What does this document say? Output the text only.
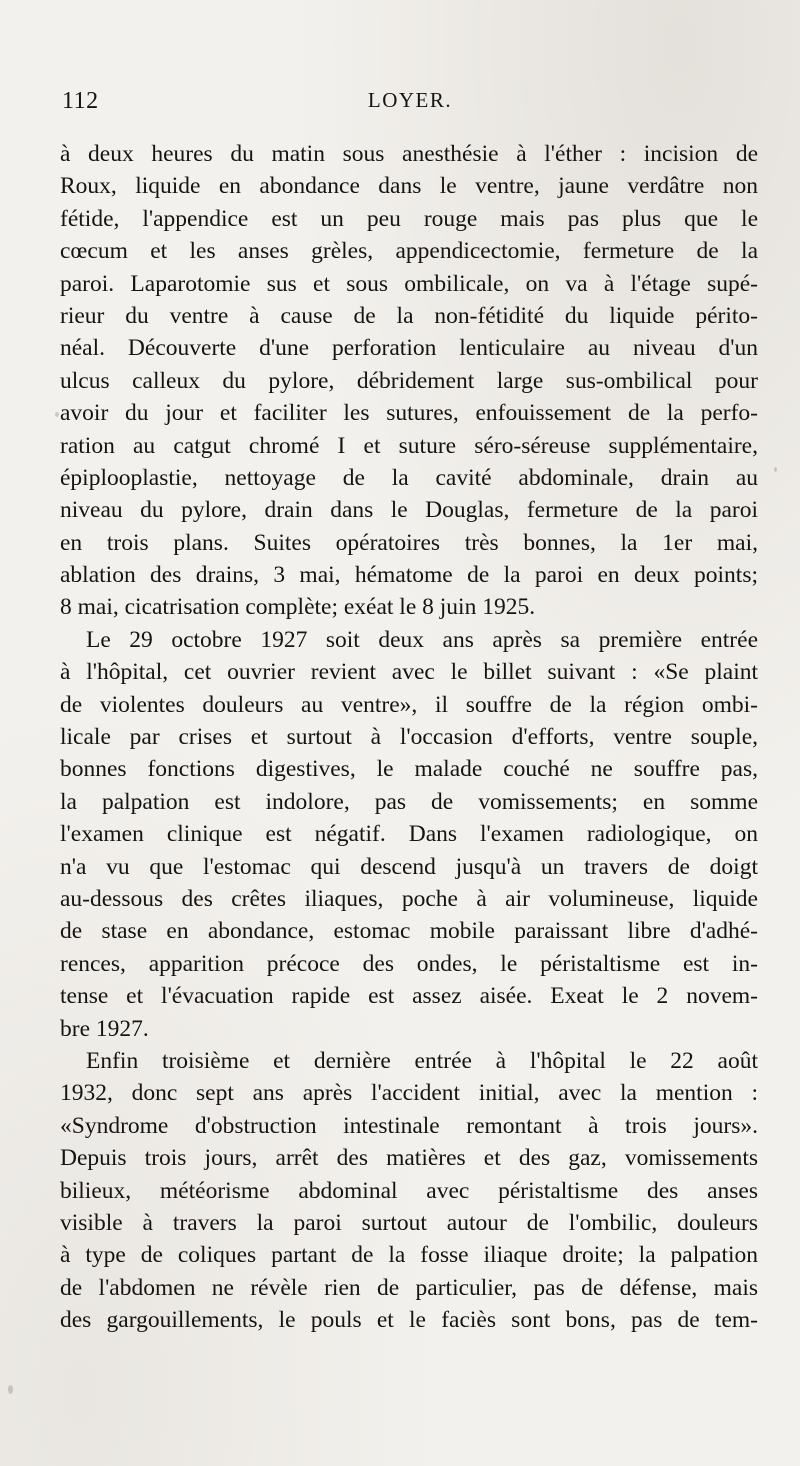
112	LOYER.
à deux heures du matin sous anesthésie à l'éther : incision de
Roux, liquide en abondance dans le ventre, jaune verdâtre non
fétide, l'appendice est un peu rouge mais pas plus que le
cœcum et les anses grèles, appendicectomie, fermeture de la
paroi. Laparotomie sus et sous ombilicale, on va à l'étage supé-
rieur du ventre à cause de la non-fétidité du liquide périto-
néal. Découverte d'une perforation lenticulaire au niveau d'un
ulcus calleux du pylore, débridement large sus-ombilical pour
avoir du jour et faciliter les sutures, enfouissement de la perfo-
ration au catgut chromé I et suture séro-séreuse supplémentaire,
épiplooplastie, nettoyage de la cavité abdominale, drain au
niveau du pylore, drain dans le Douglas, fermeture de la paroi
en trois plans. Suites opératoires très bonnes, la 1er mai,
ablation des drains, 3 mai, hématome de la paroi en deux points;
8 mai, cicatrisation complète; exéat le 8 juin 1925.
Le 29 octobre 1927 soit deux ans après sa première entrée
à l'hôpital, cet ouvrier revient avec le billet suivant : «Se plaint
de violentes douleurs au ventre», il souffre de la région ombi-
licale par crises et surtout à l'occasion d'efforts, ventre souple,
bonnes fonctions digestives, le malade couché ne souffre pas,
la palpation est indolore, pas de vomissements; en somme
l'examen clinique est négatif. Dans l'examen radiologique, on
n'a vu que l'estomac qui descend jusqu'à un travers de doigt
au-dessous des crêtes iliaques, poche à air volumineuse, liquide
de stase en abondance, estomac mobile paraissant libre d'adhé-
rences, apparition précoce des ondes, le péristaltisme est in-
tense et l'évacuation rapide est assez aisée. Exeat le 2 novem-
bre 1927.
Enfin troisième et dernière entrée à l'hôpital le 22 août
1932, donc sept ans après l'accident initial, avec la mention :
«Syndrome d'obstruction intestinale remontant à trois jours».
Depuis trois jours, arrêt des matières et des gaz, vomissements
bilieux, météorisme abdominal avec péristaltisme des anses
visible à travers la paroi surtout autour de l'ombilic, douleurs
à type de coliques partant de la fosse iliaque droite; la palpation
de l'abdomen ne révèle rien de particulier, pas de défense, mais
des gargouillements, le pouls et le faciès sont bons, pas de tem-
